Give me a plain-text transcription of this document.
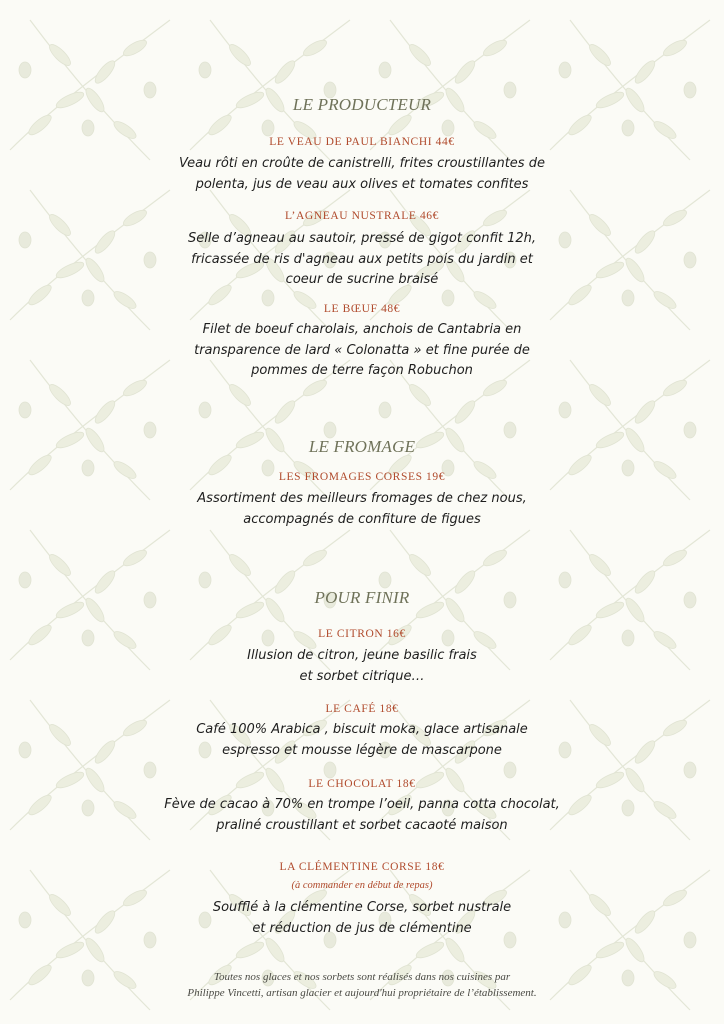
LE PRODUCTEUR
LE VEAU DE PAUL BIANCHI 44€
Veau rôti en croûte de canistrelli, frites croustillantes de
polenta, jus de veau aux olives et tomates confites
L’AGNEAU NUSTRALE 46€
Selle d’agneau au sautoir, pressé de gigot confit 12h,
fricassée de ris d'agneau aux petits pois du jardin et
coeur de sucrine braisé
LE BŒUF 48€
Filet de boeuf charolais, anchois de Cantabria en
transparence de lard « Colonatta » et fine purée de
pommes de terre façon Robuchon
LE FROMAGE
LES FROMAGES CORSES 19€
Assortiment des meilleurs fromages de chez nous,
accompagnés de confiture de figues
POUR FINIR
LE CITRON 16€
Illusion de citron, jeune basilic frais
et sorbet citrique…
LE CAFÉ 18€
Café 100% Arabica , biscuit moka, glace artisanale
espresso et mousse légère de mascarpone
LE CHOCOLAT 18€
Fève de cacao à 70% en trompe l’oeil, panna cotta chocolat,
praliné croustillant et sorbet cacaoté maison
LA CLÉMENTINE CORSE 18€
(à commander en début de repas)
Soufflé à la clémentine Corse, sorbet nustrale
et réduction de jus de clémentine
Toutes nos glaces et nos sorbets sont réalisés dans nos cuisines par
Philippe Vincetti, artisan glacier et aujourd'hui propriétaire de l’établissement.
